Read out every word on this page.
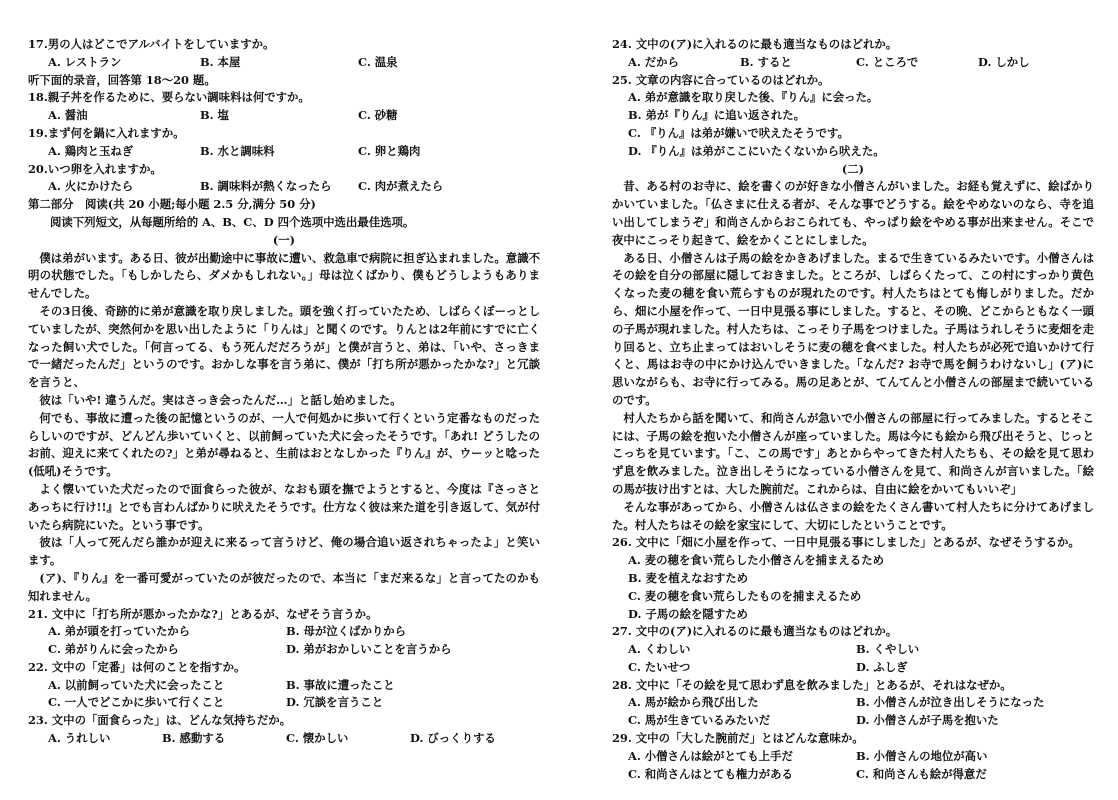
17.男の人はどこでアルバイトをしていますか。
A. レストラン	B. 本屋	C. 温泉
听下面的录音，回答第 18～20 题。
18.親子丼を作るために、要らない調味料は何ですか。
A. 醤油	B. 塩	C. 砂糖
19.まず何を鍋に入れますか。
A. 鶏肉と玉ねぎ	B. 水と調味料	C. 卵と鶏肉
20.いつ卵を入れますか。
A. 火にかけたら	B. 調味料が熱くなったら C. 肉が煮えたら
第二部分　阅读(共 20 小题;每小题 2.5 分,满分 50 分)
阅读下列短文，从每题所给的 A、B、C、D 四个选项中选出最佳选项。
(一)

僕は弟がいます。ある日、彼が出勤途中に事故に遭い、救急車で病院に担ぎ込まれました。意識不明の状態でした。「もしかしたら、ダメかもしれない。」母は泣くばかり、僕もどうしようもありませんでした。

その3日後、奇跡的に弟が意識を取り戻しました。頭を強く打っていたため、しばらくぼーっとしていましたが、突然何かを思い出したように「りんは」と聞くのです。りんとは2年前にすでに亡くなった飼い犬でした。「何言ってる、もう死んだだろうが」と僕が言うと、弟は、「いや、さっきまで一緒だったんだ」というのです。おかしな事を言う弟に、僕が「打ち所が悪かったかな?」と冗談を言うと、

彼は「いや! 違うんだ。実はさっき会ったんだ…」と話し始めました。

何でも、事故に遭った後の記憶というのが、一人で何処かに歩いて行くという定番なものだったらしいのですが、どんどん歩いていくと、以前飼っていた犬に会ったそうです。「あれ! どうしたのお前、迎えに来てくれたの?」と弟が尋ねると、生前はおとなしかった『りん』が、ウーッと唸った(低吼)そうです。

よく懐いていた犬だったので面食らった彼が、なおも頭を撫でようとすると、今度は『さっさとあっちに行け!!』とでも言わんばかりに吠えたそうです。仕方なく彼は来た道を引き返して、気が付いたら病院にいた。という事です。

彼は「人って死んだら誰かが迎えに来るって言うけど、俺の場合追い返されちゃったよ」と笑います。

(ア)、『りん』を一番可愛がっていたのが彼だったので、本当に「まだ来るな」と言ってたのかも知れません。

21. 文中に「打ち所が悪かったかな?」とあるが、なぜそう言うか。
A. 弟が頭を打っていたから	B. 母が泣くばかりから
C. 弟がりんに会ったから	D. 弟がおかしいことを言うから
22. 文中の「定番」は何のことを指すか。
A. 以前飼っていた犬に会ったこと	B. 事故に遭ったこと
C. 一人でどこかに歩いて行くこと	D. 冗談を言うこと
23. 文中の「面食らった」は、どんな気持ちだか。
A. うれしい	B. 感動する	C. 懐かしい	D. びっくりする
24. 文中の(ア)に入れるのに最も適当なものはどれか。
A. だから	B. すると	C. ところで	D. しかし
25. 文章の内容に合っているのはどれか。
A. 弟が意識を取り戻した後、『りん』に会った。
B. 弟が『りん』に追い返された。
C. 『りん』は弟が嫌いで吠えたそうです。
D. 『りん』は弟がここにいたくないから吠えた。
(二)

昔、ある村のお寺に、絵を書くのが好きな小僧さんがいました。お経も覚えずに、絵ばかりかいていました。「仏さまに仕える者が、そんな事でどうする。絵をやめないのなら、寺を追い出してしまうぞ」和尚さんからおこられても、やっぱり絵をやめる事が出来ません。そこで夜中にこっそり起きて、絵をかくことにしました。

ある日、小僧さんは子馬の絵をかきあげました。まるで生きているみたいです。小僧さんはその絵を自分の部屋に隠しておきました。ところが、しばらくたって、この村にすっかり黄色くなった麦の穂を食い荒らすものが現れたのです。村人たちはとても悔しがりました。だから、畑に小屋を作って、一日中見張る事にしました。すると、その晩、どこからともなく一頭の子馬が現れました。村人たちは、こっそり子馬をつけました。子馬はうれしそうに麦畑を走り回ると、立ち止まってはおいしそうに麦の穂を食べました。村人たちが必死で追いかけて行くと、馬はお寺の中にかけ込んでいきました。「なんだ? お寺で馬を飼うわけないし」(ア)に思いながらも、お寺に行ってみる。馬の足あとが、てんてんと小僧さんの部屋まで続いているのです。

村人たちから話を聞いて、和尚さんが急いで小僧さんの部屋に行ってみました。するとそこには、子馬の絵を抱いた小僧さんが座っていました。馬は今にも絵から飛び出そうと、じっとこっちを見ています。「こ、この馬です」あとからやってきた村人たちも、その絵を見て思わず息を飲みました。泣き出しそうになっている小僧さんを見て、和尚さんが言いました。「絵の馬が抜け出すとは、大した腕前だ。これからは、自由に絵をかいてもいいぞ」

そんな事があってから、小僧さんは仏さまの絵をたくさん書いて村人たちに分けてあげました。村人たちはその絵を家宝にして、大切にしたということです。

26. 文中に「畑に小屋を作って、一日中見張る事にしました」とあるが、なぜそうするか。
A. 麦の穂を食い荒らした小僧さんを捕まえるため
B. 麦を植えなおすため
C. 麦の穂を食い荒らしたものを捕まえるため
D. 子馬の絵を隠すため
27. 文中の(ア)に入れるのに最も適当なものはどれか。
A. くわしい	B. くやしい
C. たいせつ	D. ふしぎ
28. 文中に「その絵を見て思わず息を飲みました」とあるが、それはなぜか。
A. 馬が絵から飛び出した	B. 小僧さんが泣き出しそうになった
C. 馬が生きているみたいだ	D. 小僧さんが子馬を抱いた
29. 文中の「大した腕前だ」とはどんな意味か。
A. 小僧さんは絵がとても上手だ	B. 小僧さんの地位が高い
C. 和尚さんはとても権力がある	C. 和尚さんも絵が得意だ
